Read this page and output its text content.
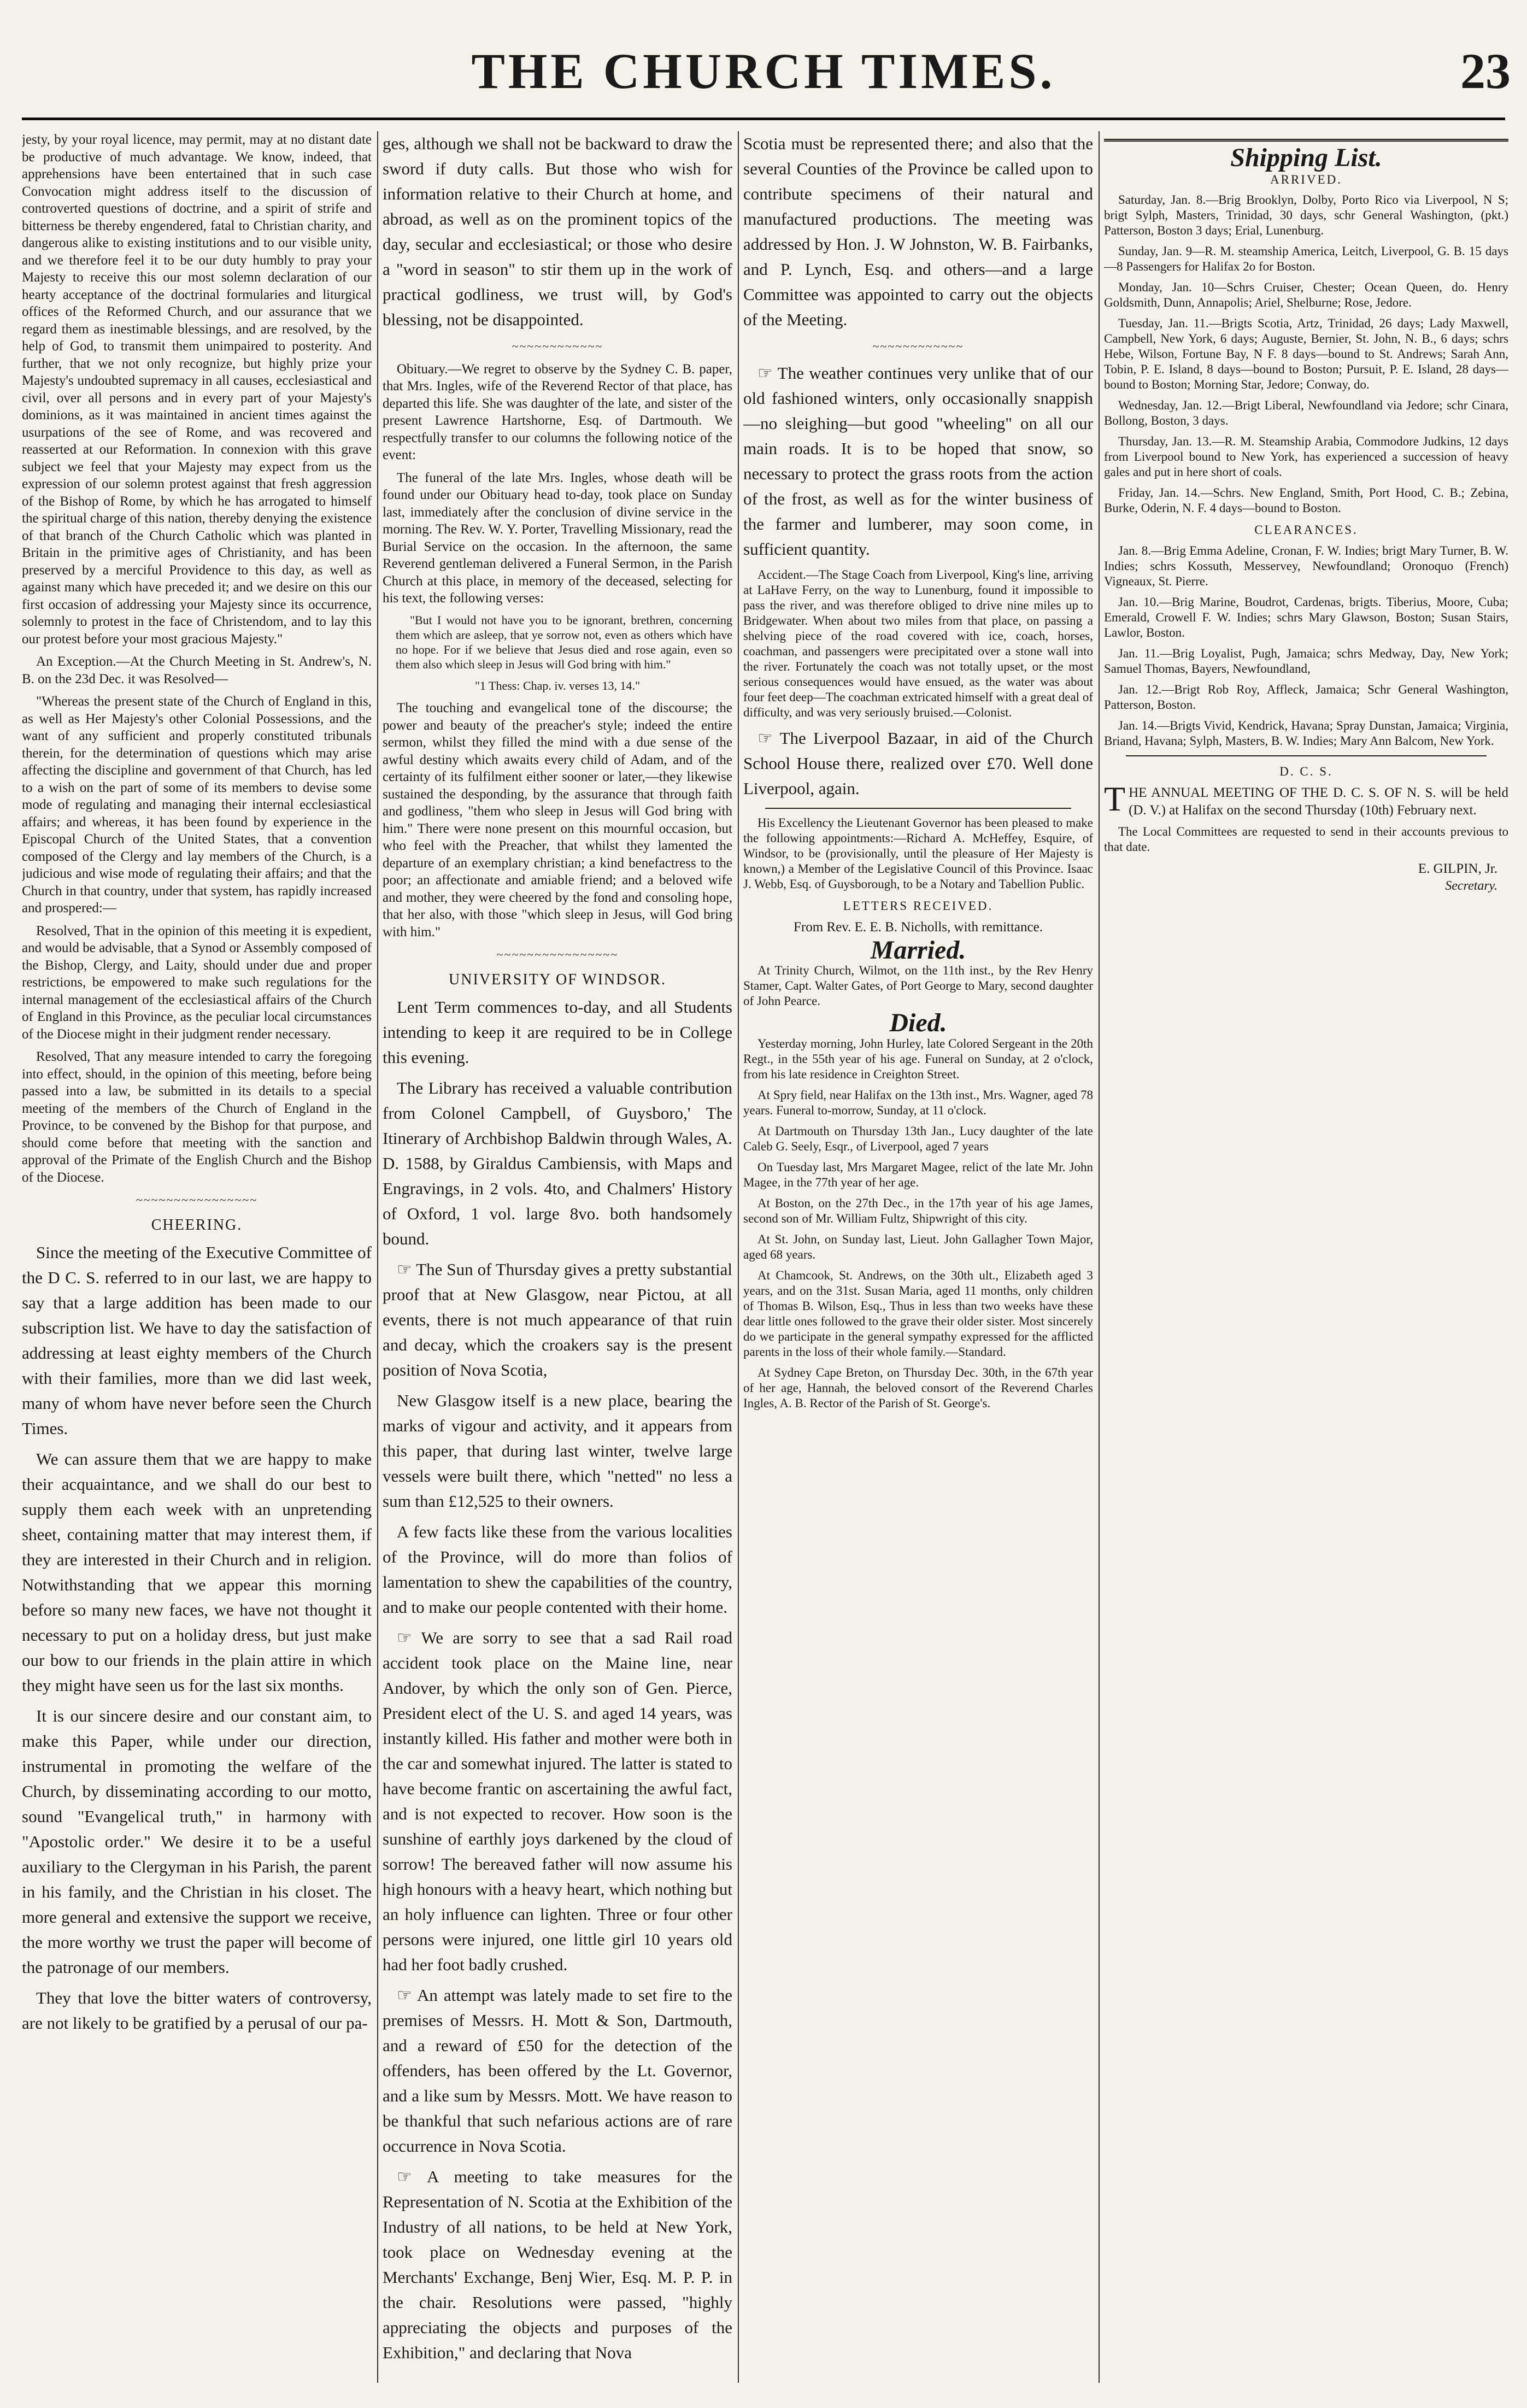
THE CHURCH TIMES.	23

jesty, by your royal licence, may permit, may at no distant date be productive of much advantage. We know, indeed, that apprehensions have been entertained that in such case Convocation might address itself to the discussion of controverted questions of doctrine, and a spirit of strife and bitterness be thereby engendered, fatal to Christian charity, and dangerous alike to existing institutions and to our visible unity, and we therefore feel it to be our duty humbly to pray your Majesty to receive this our most solemn declaration of our hearty acceptance of the doctrinal formularies and liturgical offices of the Reformed Church, and our assurance that we regard them as inestimable blessings, and are resolved, by the help of God, to transmit them unimpaired to posterity. And further, that we not only recognize, but highly prize your Majesty's undoubted supremacy in all causes, ecclesiastical and civil, over all persons and in every part of your Majesty's dominions, as it was maintained in ancient times against the usurpations of the see of Rome, and was recovered and reasserted at our Reformation. In connexion with this grave subject we feel that your Majesty may expect from us the expression of our solemn protest against that fresh aggression of the Bishop of Rome, by which he has arrogated to himself the spiritual charge of this nation, thereby denying the existence of that branch of the Church Catholic which was planted in Britain in the primitive ages of Christianity, and has been preserved by a merciful Providence to this day, as well as against many which have preceded it; and we desire on this our first occasion of addressing your Majesty since its occurrence, solemnly to protest in the face of Christendom, and to lay this our protest before your most gracious Majesty."

An Exception.—At the Church Meeting in St. Andrew's, N. B. on the 23d Dec. it was Resolved—

"Whereas the present state of the Church of England in this, as well as Her Majesty's other Colonial Possessions, and the want of any sufficient and properly constituted tribunals therein, for the determination of questions which may arise affecting the discipline and government of that Church, has led to a wish on the part of some of its members to devise some mode of regulating and managing their internal ecclesiastical affairs; and whereas, it has been found by experience in the Episcopal Church of the United States, that a convention composed of the Clergy and lay members of the Church, is a judicious and wise mode of regulating their affairs; and that the Church in that country, under that system, has rapidly increased and prospered:—

Resolved, That in the opinion of this meeting it is expedient, and would be advisable, that a Synod or Assembly composed of the Bishop, Clergy, and Laity, should under due and proper restrictions, be empowered to make such regulations for the internal management of the ecclesiastical affairs of the Church of England in this Province, as the peculiar local circumstances of the Diocese might in their judgment render necessary.

Resolved, That any measure intended to carry the foregoing into effect, should, in the opinion of this meeting, before being passed into a law, be submitted in its details to a special meeting of the members of the Church of England in the Province, to be convened by the Bishop for that purpose, and should come before that meeting with the sanction and approval of the Primate of the English Church and the Bishop of the Diocese.

~~~~~~~~~~~~~~~~
CHEERING.

Since the meeting of the Executive Committee of the D C. S. referred to in our last, we are happy to say that a large addition has been made to our subscription list. We have to day the satisfaction of addressing at least eighty members of the Church with their families, more than we did last week, many of whom have never before seen the Church Times.

We can assure them that we are happy to make their acquaintance, and we shall do our best to supply them each week with an unpretending sheet, containing matter that may interest them, if they are interested in their Church and in religion. Notwithstanding that we appear this morning before so many new faces, we have not thought it necessary to put on a holiday dress, but just make our bow to our friends in the plain attire in which they might have seen us for the last six months.

It is our sincere desire and our constant aim, to make this Paper, while under our direction, instrumental in promoting the welfare of the Church, by disseminating according to our motto, sound "Evangelical truth," in harmony with "Apostolic order." We desire it to be a useful auxiliary to the Clergyman in his Parish, the parent in his family, and the Christian in his closet. The more general and extensive the support we receive, the more worthy we trust the paper will become of the patronage of our members.

They that love the bitter waters of controversy, are not likely to be gratified by a perusal of our pa-

ges, although we shall not be backward to draw the sword if duty calls. But those who wish for information relative to their Church at home, and abroad, as well as on the prominent topics of the day, secular and ecclesiastical; or those who desire a "word in season" to stir them up in the work of practical godliness, we trust will, by God's blessing, not be disappointed.

~~~~~~~~~~~~

Obituary.—We regret to observe by the Sydney C. B. paper, that Mrs. Ingles, wife of the Reverend Rector of that place, has departed this life. She was daughter of the late, and sister of the present Lawrence Hartshorne, Esq. of Dartmouth. We respectfully transfer to our columns the following notice of the event:

The funeral of the late Mrs. Ingles, whose death will be found under our Obituary head to-day, took place on Sunday last, immediately after the conclusion of divine service in the morning. The Rev. W. Y. Porter, Travelling Missionary, read the Burial Service on the occasion. In the afternoon, the same Reverend gentleman delivered a Funeral Sermon, in the Parish Church at this place, in memory of the deceased, selecting for his text, the following verses:

"But I would not have you to be ignorant, brethren, concerning them which are asleep, that ye sorrow not, even as others which have no hope. For if we believe that Jesus died and rose again, even so them also which sleep in Jesus will God bring with him."

"1 Thess: Chap. iv. verses 13, 14."

The touching and evangelical tone of the discourse; the power and beauty of the preacher's style; indeed the entire sermon, whilst they filled the mind with a due sense of the awful destiny which awaits every child of Adam, and of the certainty of its fulfilment either sooner or later,—they likewise sustained the desponding, by the assurance that through faith and godliness, "them who sleep in Jesus will God bring with him." There were none present on this mournful occasion, but who feel with the Preacher, that whilst they lamented the departure of an exemplary christian; a kind benefactress to the poor; an affectionate and amiable friend; and a beloved wife and mother, they were cheered by the fond and consoling hope, that her also, with those "which sleep in Jesus, will God bring with him."

~~~~~~~~~~~~~~~~
UNIVERSITY OF WINDSOR.

Lent Term commences to-day, and all Students intending to keep it are required to be in College this evening.

The Library has received a valuable contribution from Colonel Campbell, of Guysboro,' The Itinerary of Archbishop Baldwin through Wales, A. D. 1588, by Giraldus Cambiensis, with Maps and Engravings, in 2 vols. 4to, and Chalmers' History of Oxford, 1 vol. large 8vo. both handsomely bound.

☞ The Sun of Thursday gives a pretty substantial proof that at New Glasgow, near Pictou, at all events, there is not much appearance of that ruin and decay, which the croakers say is the present position of Nova Scotia,

New Glasgow itself is a new place, bearing the marks of vigour and activity, and it appears from this paper, that during last winter, twelve large vessels were built there, which "netted" no less a sum than £12,525 to their owners.

A few facts like these from the various localities of the Province, will do more than folios of lamentation to shew the capabilities of the country, and to make our people contented with their home.

☞ We are sorry to see that a sad Rail road accident took place on the Maine line, near Andover, by which the only son of Gen. Pierce, President elect of the U. S. and aged 14 years, was instantly killed. His father and mother were both in the car and somewhat injured. The latter is stated to have become frantic on ascertaining the awful fact, and is not expected to recover. How soon is the sunshine of earthly joys darkened by the cloud of sorrow! The bereaved father will now assume his high honours with a heavy heart, which nothing but an holy influence can lighten. Three or four other persons were injured, one little girl 10 years old had her foot badly crushed.

☞ An attempt was lately made to set fire to the premises of Messrs. H. Mott & Son, Dartmouth, and a reward of £50 for the detection of the offenders, has been offered by the Lt. Governor, and a like sum by Messrs. Mott. We have reason to be thankful that such nefarious actions are of rare occurrence in Nova Scotia.

☞ A meeting to take measures for the Representation of N. Scotia at the Exhibition of the Industry of all nations, to be held at New York, took place on Wednesday evening at the Merchants' Exchange, Benj Wier, Esq. M. P. P. in the chair. Resolutions were passed, "highly appreciating the objects and purposes of the Exhibition," and declaring that Nova

Scotia must be represented there; and also that the several Counties of the Province be called upon to contribute specimens of their natural and manufactured productions. The meeting was addressed by Hon. J. W Johnston, W. B. Fairbanks, and P. Lynch, Esq. and others—and a large Committee was appointed to carry out the objects of the Meeting.

~~~~~~~~~~~~

☞ The weather continues very unlike that of our old fashioned winters, only occasionally snappish—no sleighing—but good "wheeling" on all our main roads. It is to be hoped that snow, so necessary to protect the grass roots from the action of the frost, as well as for the winter business of the farmer and lumberer, may soon come, in sufficient quantity.

Accident.—The Stage Coach from Liverpool, King's line, arriving at LaHave Ferry, on the way to Lunenburg, found it impossible to pass the river, and was therefore obliged to drive nine miles up to Bridgewater. When about two miles from that place, on passing a shelving piece of the road covered with ice, coach, horses, coachman, and passengers were precipitated over a stone wall into the river. Fortunately the coach was not totally upset, or the most serious consequences would have ensued, as the water was about four feet deep—The coachman extricated himself with a great deal of difficulty, and was very seriously bruised.—Colonist.

☞ The Liverpool Bazaar, in aid of the Church School House there, realized over £70. Well done Liverpool, again.

His Excellency the Lieutenant Governor has been pleased to make the following appointments:—Richard A. McHeffey, Esquire, of Windsor, to be (provisionally, until the pleasure of Her Majesty is known,) a Member of the Legislative Council of this Province. Isaac J. Webb, Esq. of Guysborough, to be a Notary and Tabellion Public.

LETTERS RECEIVED.

From Rev. E. E. B. Nicholls, with remittance.

Married.

At Trinity Church, Wilmot, on the 11th inst., by the Rev Henry Stamer, Capt. Walter Gates, of Port George to Mary, second daughter of John Pearce.

Died.

Yesterday morning, John Hurley, late Colored Sergeant in the 20th Regt., in the 55th year of his age. Funeral on Sunday, at 2 o'clock, from his late residence in Creighton Street.

At Spry field, near Halifax on the 13th inst., Mrs. Wagner, aged 78 years. Funeral to-morrow, Sunday, at 11 o'clock.

At Dartmouth on Thursday 13th Jan., Lucy daughter of the late Caleb G. Seely, Esqr., of Liverpool, aged 7 years

On Tuesday last, Mrs Margaret Magee, relict of the late Mr. John Magee, in the 77th year of her age.

At Boston, on the 27th Dec., in the 17th year of his age James, second son of Mr. William Fultz, Shipwright of this city.

At St. John, on Sunday last, Lieut. John Gallagher Town Major, aged 68 years.

At Chamcook, St. Andrews, on the 30th ult., Elizabeth aged 3 years, and on the 31st. Susan Maria, aged 11 months, only children of Thomas B. Wilson, Esq., Thus in less than two weeks have these dear little ones followed to the grave their older sister. Most sincerely do we participate in the general sympathy expressed for the afflicted parents in the loss of their whole family.—Standard.

At Sydney Cape Breton, on Thursday Dec. 30th, in the 67th year of her age, Hannah, the beloved consort of the Reverend Charles Ingles, A. B. Rector of the Parish of St. George's.

Shipping List.
ARRIVED.

Saturday, Jan. 8.—Brig Brooklyn, Dolby, Porto Rico via Liverpool, N S; brigt Sylph, Masters, Trinidad, 30 days, schr General Washington, (pkt.) Patterson, Boston 3 days; Erial, Lunenburg.

Sunday, Jan. 9—R. M. steamship America, Leitch, Liverpool, G. B. 15 days—8 Passengers for Halifax 2o for Boston.

Monday, Jan. 10—Schrs Cruiser, Chester; Ocean Queen, do. Henry Goldsmith, Dunn, Annapolis; Ariel, Shelburne; Rose, Jedore.

Tuesday, Jan. 11.—Brigts Scotia, Artz, Trinidad, 26 days; Lady Maxwell, Campbell, New York, 6 days; Auguste, Bernier, St. John, N. B., 6 days; schrs Hebe, Wilson, Fortune Bay, N F. 8 days—bound to St. Andrews; Sarah Ann, Tobin, P. E. Island, 8 days—bound to Boston; Pursuit, P. E. Island, 28 days—bound to Boston; Morning Star, Jedore; Conway, do.

Wednesday, Jan. 12.—Brigt Liberal, Newfoundland via Jedore; schr Cinara, Bollong, Boston, 3 days.

Thursday, Jan. 13.—R. M. Steamship Arabia, Commodore Judkins, 12 days from Liverpool bound to New York, has experienced a succession of heavy gales and put in here short of coals.

Friday, Jan. 14.—Schrs. New England, Smith, Port Hood, C. B.; Zebina, Burke, Oderin, N. F. 4 days—bound to Boston.

CLEARANCES.

Jan. 8.—Brig Emma Adeline, Cronan, F. W. Indies; brigt Mary Turner, B. W. Indies; schrs Kossuth, Messervey, Newfoundland; Oronoquo (French) Vigneaux, St. Pierre.

Jan. 10.—Brig Marine, Boudrot, Cardenas, brigts. Tiberius, Moore, Cuba; Emerald, Crowell F. W. Indies; schrs Mary Glawson, Boston; Susan Stairs, Lawlor, Boston.

Jan. 11.—Brig Loyalist, Pugh, Jamaica; schrs Medway, Day, New York; Samuel Thomas, Bayers, Newfoundland,

Jan. 12.—Brigt Rob Roy, Affleck, Jamaica; Schr General Washington, Patterson, Boston.

Jan. 14.—Brigts Vivid, Kendrick, Havana; Spray Dunstan, Jamaica; Virginia, Briand, Havana; Sylph, Masters, B. W. Indies; Mary Ann Balcom, New York.

D. C. S.

THE ANNUAL MEETING OF THE D. C. S. OF N. S. will be held (D. V.) at Halifax on the second Thursday (10th) February next.

The Local Committees are requested to send in their accounts previous to that date.

E. GILPIN, Jr.
Secretary.
